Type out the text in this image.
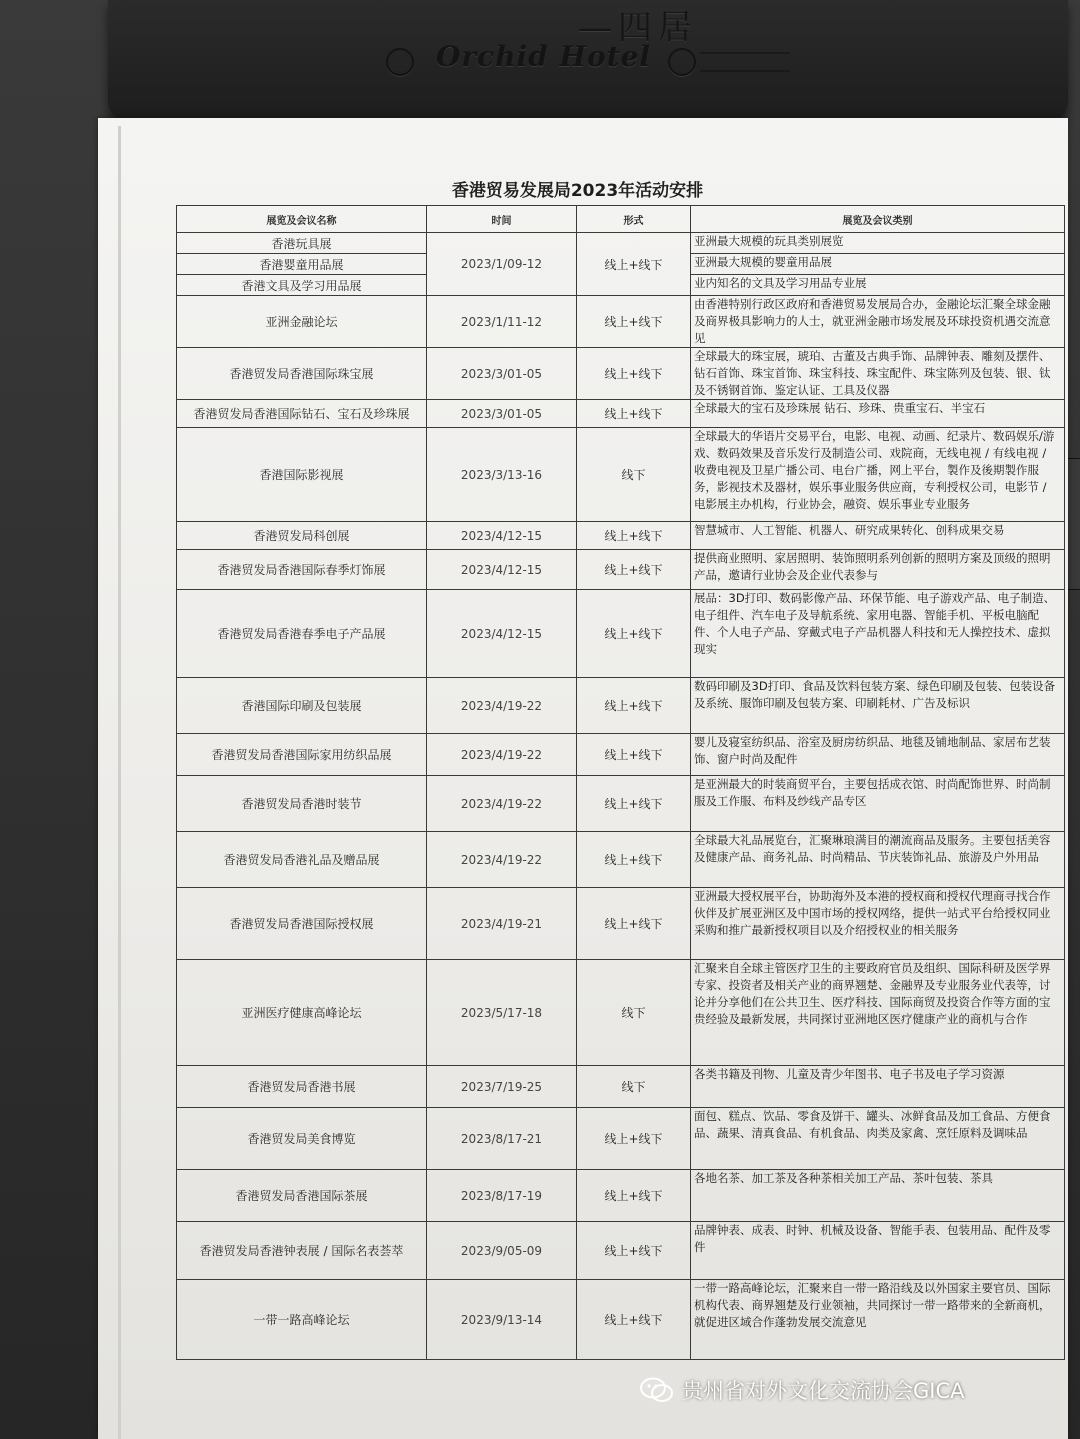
—四居
Orchid Hotel
香港贸易发展局2023年活动安排
展览及会议名称	时间	形式	展览及会议类别
香港玩具展	2023/1/09-12	线上+线下	亚洲最大规模的玩具类别展览
香港婴童用品展			亚洲最大规模的婴童用品展
香港文具及学习用品展			业内知名的文具及学习用品专业展
亚洲金融论坛	2023/1/11-12	线上+线下	由香港特别行政区政府和香港贸易发展局合办，金融论坛汇聚全球金融及商界极具影响力的人士，就亚洲金融市场发展及环球投资机遇交流意见
香港贸发局香港国际珠宝展	2023/3/01-05	线上+线下	全球最大的珠宝展，琥珀、古董及古典手饰、品牌钟表、雕刻及摆件、钻石首饰、珠宝首饰、珠宝科技、珠宝配件、珠宝陈列及包装、银、钛及不锈钢首饰、鉴定认证、工具及仪器
香港贸发局香港国际钻石、宝石及珍珠展	2023/3/01-05	线上+线下	全球最大的宝石及珍珠展 钻石、珍珠、贵重宝石、半宝石
香港国际影视展	2023/3/13-16	线下	全球最大的华语片交易平台，电影、电视、动画、纪录片、数码娱乐/游戏、数码效果及音乐发行及制造公司、戏院商，无线电视 / 有线电视 / 收费电视及卫星广播公司、电台广播，网上平台，製作及後期製作服务，影视技术及器材，娱乐事业服务供应商，专利授权公司，电影节 / 电影展主办机构，行业协会，融资、娱乐事业专业服务
香港贸发局科创展	2023/4/12-15	线上+线下	智慧城市、人工智能、机器人、研究成果转化、创科成果交易
香港贸发局香港国际春季灯饰展	2023/4/12-15	线上+线下	提供商业照明、家居照明、装饰照明系列创新的照明方案及顶级的照明产品，邀请行业协会及企业代表参与
香港贸发局香港春季电子产品展	2023/4/12-15	线上+线下	展品：3D打印、数码影像产品、环保节能、电子游戏产品、电子制造、电子组件、汽车电子及导航系统、家用电器、智能手机、平板电脑配件、个人电子产品、穿戴式电子产品机器人科技和无人操控技术、虚拟现实
香港国际印刷及包装展	2023/4/19-22	线上+线下	数码印刷及3D打印、食品及饮料包装方案、绿色印刷及包装、包装设备及系统、服饰印刷及包装方案、印刷耗材、广告及标识
香港贸发局香港国际家用纺织品展	2023/4/19-22	线上+线下	婴儿及寝室纺织品、浴室及厨房纺织品、地毯及铺地制品、家居布艺装饰、窗户时尚及配件
香港贸发局香港时装节	2023/4/19-22	线上+线下	是亚洲最大的时装商贸平台，主要包括成衣馆、时尚配饰世界、时尚制服及工作服、布料及纱线产品专区
香港贸发局香港礼品及赠品展	2023/4/19-22	线上+线下	全球最大礼品展览台，汇聚琳琅满目的潮流商品及服务。主要包括美容及健康产品、商务礼品、时尚精品、节庆装饰礼品、旅游及户外用品
香港贸发局香港国际授权展	2023/4/19-21	线上+线下	亚洲最大授权展平台，协助海外及本港的授权商和授权代理商寻找合作伙伴及扩展亚洲区及中国市场的授权网络，提供一站式平台给授权同业采购和推广最新授权项目以及介绍授权业的相关服务
亚洲医疗健康高峰论坛	2023/5/17-18	线下	汇聚来自全球主管医疗卫生的主要政府官员及组织、国际科研及医学界专家、投资者及相关产业的商界翘楚、金融界及专业服务业代表等，讨论并分享他们在公共卫生、医疗科技、国际商贸及投资合作等方面的宝贵经验及最新发展，共同探讨亚洲地区医疗健康产业的商机与合作
香港贸发局香港书展	2023/7/19-25	线下	各类书籍及刊物、儿童及青少年图书、电子书及电子学习资源
香港贸发局美食博览	2023/8/17-21	线上+线下	面包、糕点、饮品、零食及饼干、罐头、冰鲜食品及加工食品、方便食品、蔬果、清真食品、有机食品、肉类及家禽、烹饪原料及调味品
香港贸发局香港国际茶展	2023/8/17-19	线上+线下	各地名茶、加工茶及各种茶相关加工产品、茶叶包装、茶具
香港贸发局香港钟表展 / 国际名表荟萃	2023/9/05-09	线上+线下	品牌钟表、成表、时钟、机械及设备、智能手表、包装用品、配件及零件
一带一路高峰论坛	2023/9/13-14	线上+线下	一带一路高峰论坛，汇聚来自一带一路沿线及以外国家主要官员、国际机构代表、商界翘楚及行业领袖，共同探讨一带一路带来的全新商机，就促进区域合作蓬勃发展交流意见
贵州省对外文化交流协会GICA
